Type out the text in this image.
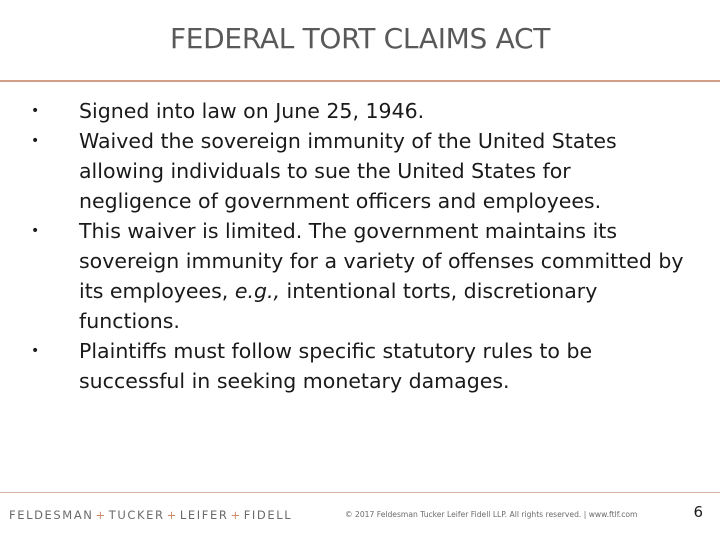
FEDERAL TORT CLAIMS ACT
• Signed into law on June 25, 1946.
• Waived the sovereign immunity of the United States allowing individuals to sue the United States for negligence of government officers and employees.
• This waiver is limited. The government maintains its sovereign immunity for a variety of offenses committed by its employees, e.g., intentional torts, discretionary functions.
• Plaintiffs must follow specific statutory rules to be successful in seeking monetary damages.
FELDESMAN + TUCKER + LEIFER + FIDELL	© 2017 Feldesman Tucker Leifer Fidell LLP. All rights reserved. | www.ftlf.com	6
